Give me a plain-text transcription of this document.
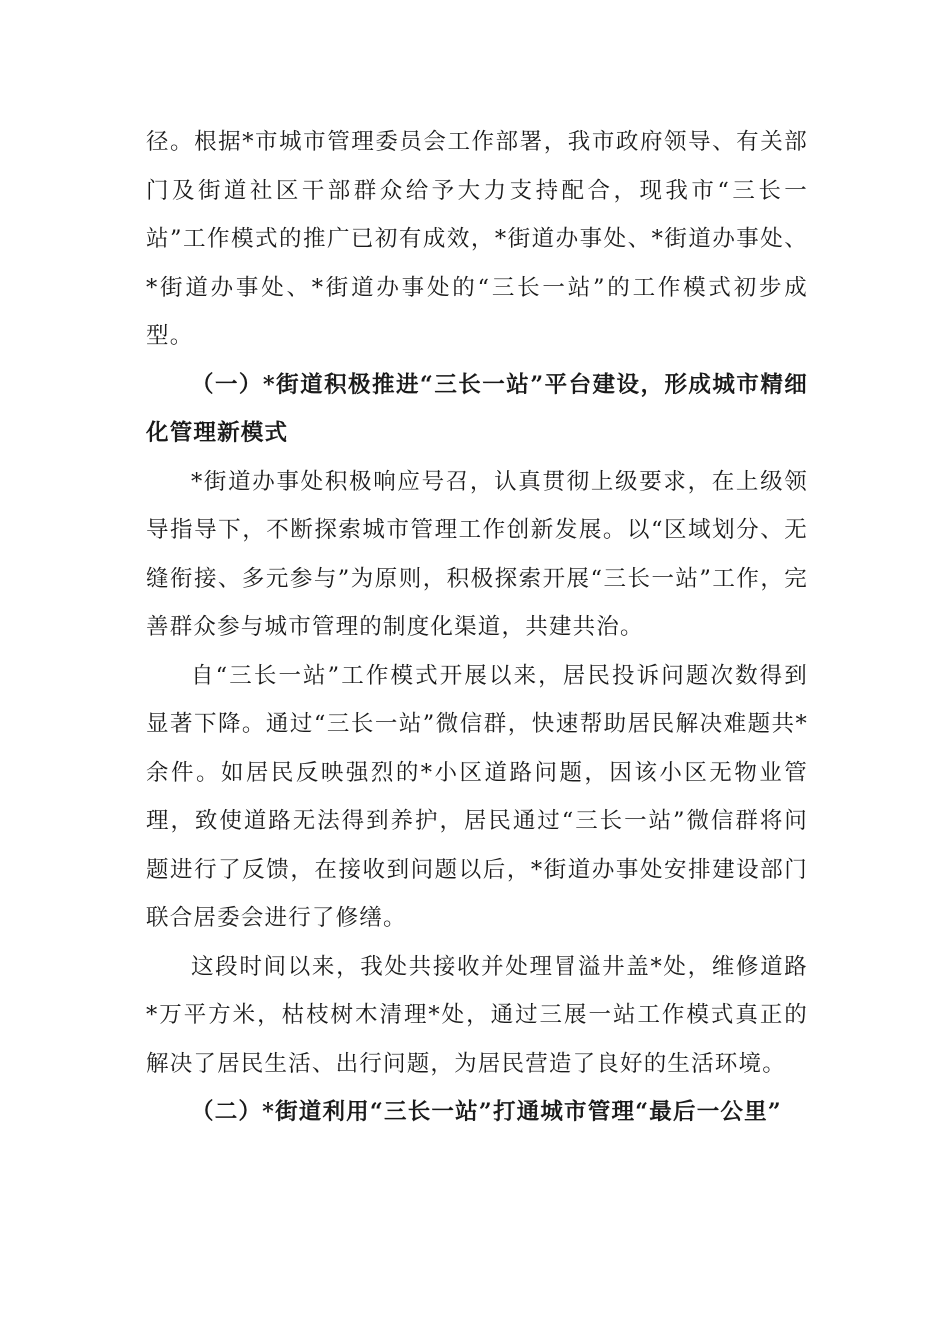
径。根据*市城市管理委员会工作部署，我市政府领导、有关部门及街道社区干部群众给予大力支持配合，现我市“三长一站”工作模式的推广已初有成效，*街道办事处、*街道办事处、*街道办事处、*街道办事处的“三长一站”的工作模式初步成型。

（一）*街道积极推进“三长一站”平台建设，形成城市精细化管理新模式

*街道办事处积极响应号召，认真贯彻上级要求，在上级领导指导下，不断探索城市管理工作创新发展。以“区域划分、无缝衔接、多元参与”为原则，积极探索开展“三长一站”工作，完善群众参与城市管理的制度化渠道，共建共治。

自“三长一站”工作模式开展以来，居民投诉问题次数得到显著下降。通过“三长一站”微信群，快速帮助居民解决难题共*余件。如居民反映强烈的*小区道路问题，因该小区无物业管理，致使道路无法得到养护，居民通过“三长一站”微信群将问题进行了反馈，在接收到问题以后，*街道办事处安排建设部门联合居委会进行了修缮。

这段时间以来，我处共接收并处理冒溢井盖*处，维修道路*万平方米，枯枝树木清理*处，通过三展一站工作模式真正的解决了居民生活、出行问题，为居民营造了良好的生活环境。

（二）*街道利用“三长一站”打通城市管理“最后一公里”
